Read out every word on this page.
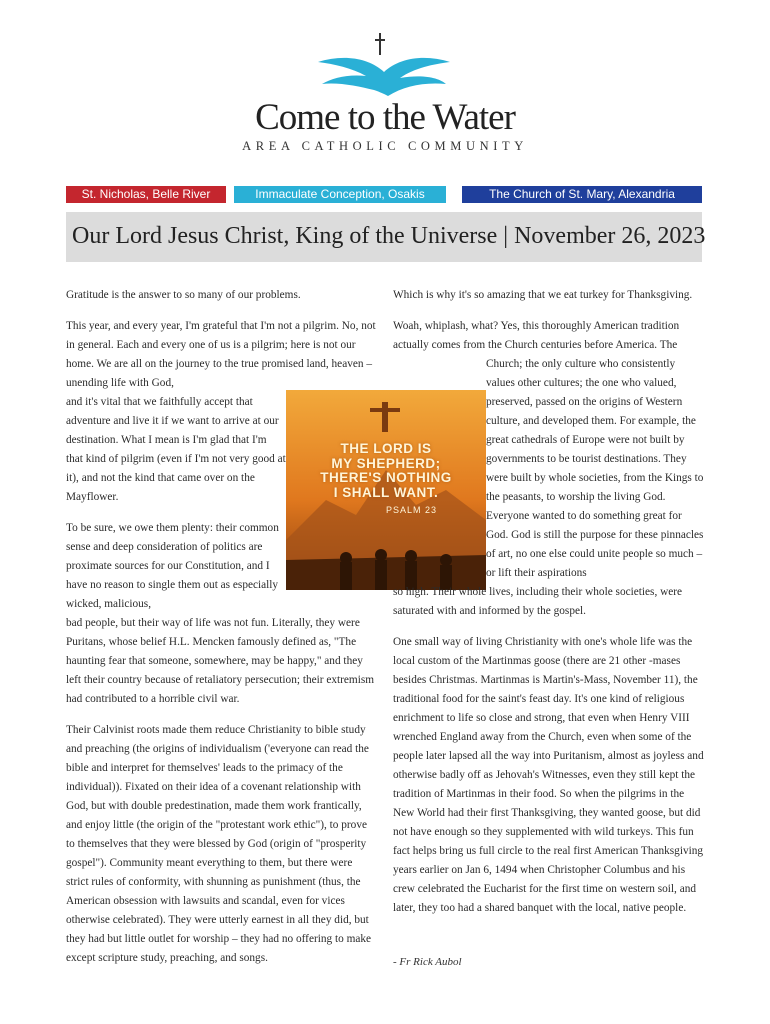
Come to the Water
AREA CATHOLIC COMMUNITY
St. Nicholas, Belle River	Immaculate Conception, Osakis	The Church of St. Mary, Alexandria
Our Lord Jesus Christ, King of the Universe | November 26, 2023

Gratitude is the answer to so many of our problems.

This year, and every year, I'm grateful that I'm not a pilgrim. No, not in general. Each and every one of us is a pilgrim; here is not our home. We are all on the journey to the true promised land, heaven – unending life with God,

and it's vital that we faithfully accept that adventure and live it if we want to arrive at our destination. What I mean is I'm glad that I'm that kind of pilgrim (even if I'm not very good at it), and not the kind that came over on the Mayflower.

To be sure, we owe them plenty: their common sense and deep consideration of politics are proximate sources for our Constitution, and I have no reason to single them out as especially wicked, malicious,

bad people, but their way of life was not fun. Literally, they were Puritans, whose belief H.L. Mencken famously defined as, "The haunting fear that someone, somewhere, may be happy," and they left their country because of retaliatory persecution; their extremism had contributed to a horrible civil war.

Their Calvinist roots made them reduce Christianity to bible study and preaching (the origins of individualism ('everyone can read the bible and interpret for themselves' leads to the primacy of the individual)). Fixated on their idea of a covenant relationship with God, but with double predestination, made them work frantically, and enjoy little (the origin of the "protestant work ethic"), to prove to themselves that they were blessed by God (origin of "prosperity gospel"). Community meant everything to them, but there were strict rules of conformity, with shunning as punishment (thus, the American obsession with lawsuits and scandal, even for vices otherwise celebrated). They were utterly earnest in all they did, but they had but little outlet for worship – they had no offering to make except scripture study, preaching, and songs.

THE LORD IS
MY SHEPHERD;
THERE'S NOTHING
I SHALL WANT.
PSALM 23

Which is why it's so amazing that we eat turkey for Thanksgiving.

Woah, whiplash, what? Yes, this thoroughly American tradition actually comes from the Church centuries before America. The

Church; the only culture who consistently values other cultures; the one who valued, preserved, passed on the origins of Western culture, and developed them. For example, the great cathedrals of Europe were not built by governments to be tourist destinations. They were built by whole societies, from the Kings to the peasants, to worship the living God. Everyone wanted to do something great for God. God is still the purpose for these pinnacles of art, no one else could unite people so much – or lift their aspirations

so high. Their whole lives, including their whole societies, were saturated with and informed by the gospel.

One small way of living Christianity with one's whole life was the local custom of the Martinmas goose (there are 21 other -mases besides Christmas. Martinmas is Martin's-Mass, November 11), the traditional food for the saint's feast day. It's one kind of religious enrichment to life so close and strong, that even when Henry VIII wrenched England away from the Church, even when some of the people later lapsed all the way into Puritanism, almost as joyless and otherwise badly off as Jehovah's Witnesses, even they still kept the tradition of Martinmas in their food. So when the pilgrims in the New World had their first Thanksgiving, they wanted goose, but did not have enough so they supplemented with wild turkeys. This fun fact helps bring us full circle to the real first American Thanksgiving years earlier on Jan 6, 1494 when Christopher Columbus and his crew celebrated the Eucharist for the first time on western soil, and later, they too had a shared banquet with the local, native people.

- Fr Rick Aubol
